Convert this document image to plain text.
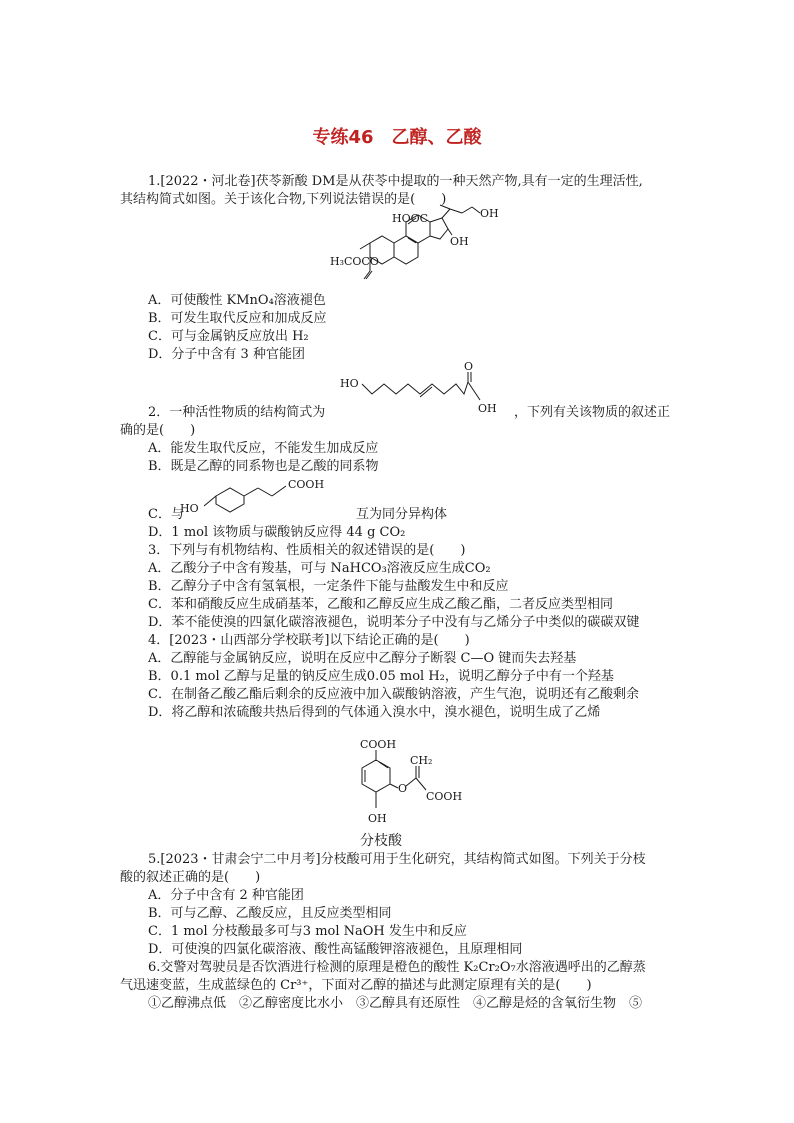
专练46　乙醇、乙酸
1.[2022・河北卷]茯苓新酸 DM是从茯苓中提取的一种天然产物,具有一定的生理活性,
其结构简式如图。关于该化合物,下列说法错误的是(　　)
HOOC	OH
OH
H₃COCO
A．可使酸性 KMnO₄溶液褪色
B．可发生取代反应和加成反应
C．可与金属钠反应放出 H₂
D．分子中含有 3 种官能团
HO
O
OH
2．一种活性物质的结构简式为	，下列有关该物质的叙述正
确的是(　　)
A．能发生取代反应，不能发生加成反应
B．既是乙醇的同系物也是乙酸的同系物
HO
COOH
C．与	互为同分异构体
D．1 mol 该物质与碳酸钠反应得 44 g CO₂
3．下列与有机物结构、性质相关的叙述错误的是(　　)
A．乙酸分子中含有羧基，可与 NaHCO₃溶液反应生成CO₂
B．乙醇分子中含有氢氧根，一定条件下能与盐酸发生中和反应
C．苯和硝酸反应生成硝基苯，乙酸和乙醇反应生成乙酸乙酯，二者反应类型相同
D．苯不能使溴的四氯化碳溶液褪色，说明苯分子中没有与乙烯分子中类似的碳碳双键
4．[2023・山西部分学校联考]以下结论正确的是(　　)
A．乙醇能与金属钠反应，说明在反应中乙醇分子断裂 C—O 键而失去羟基
B．0.1 mol 乙醇与足量的钠反应生成0.05 mol H₂，说明乙醇分子中有一个羟基
C．在制备乙酸乙酯后剩余的反应液中加入碳酸钠溶液，产生气泡，说明还有乙酸剩余
D．将乙醇和浓硫酸共热后得到的气体通入溴水中，溴水褪色，说明生成了乙烯
COOH
CH₂
O
COOH
OH
分枝酸
5.[2023・甘肃会宁二中月考]分枝酸可用于生化研究，其结构简式如图。下列关于分枝
酸的叙述正确的是(　　)
A．分子中含有 2 种官能团
B．可与乙醇、乙酸反应，且反应类型相同
C．1 mol 分枝酸最多可与3 mol NaOH 发生中和反应
D．可使溴的四氯化碳溶液、酸性高锰酸钾溶液褪色，且原理相同
6.交警对驾驶员是否饮酒进行检测的原理是橙色的酸性 K₂Cr₂O₇水溶液遇呼出的乙醇蒸
气迅速变蓝，生成蓝绿色的 Cr³⁺，下面对乙醇的描述与此测定原理有关的是(　　)
①乙醇沸点低　②乙醇密度比水小　③乙醇具有还原性　④乙醇是烃的含氧衍生物　⑤
